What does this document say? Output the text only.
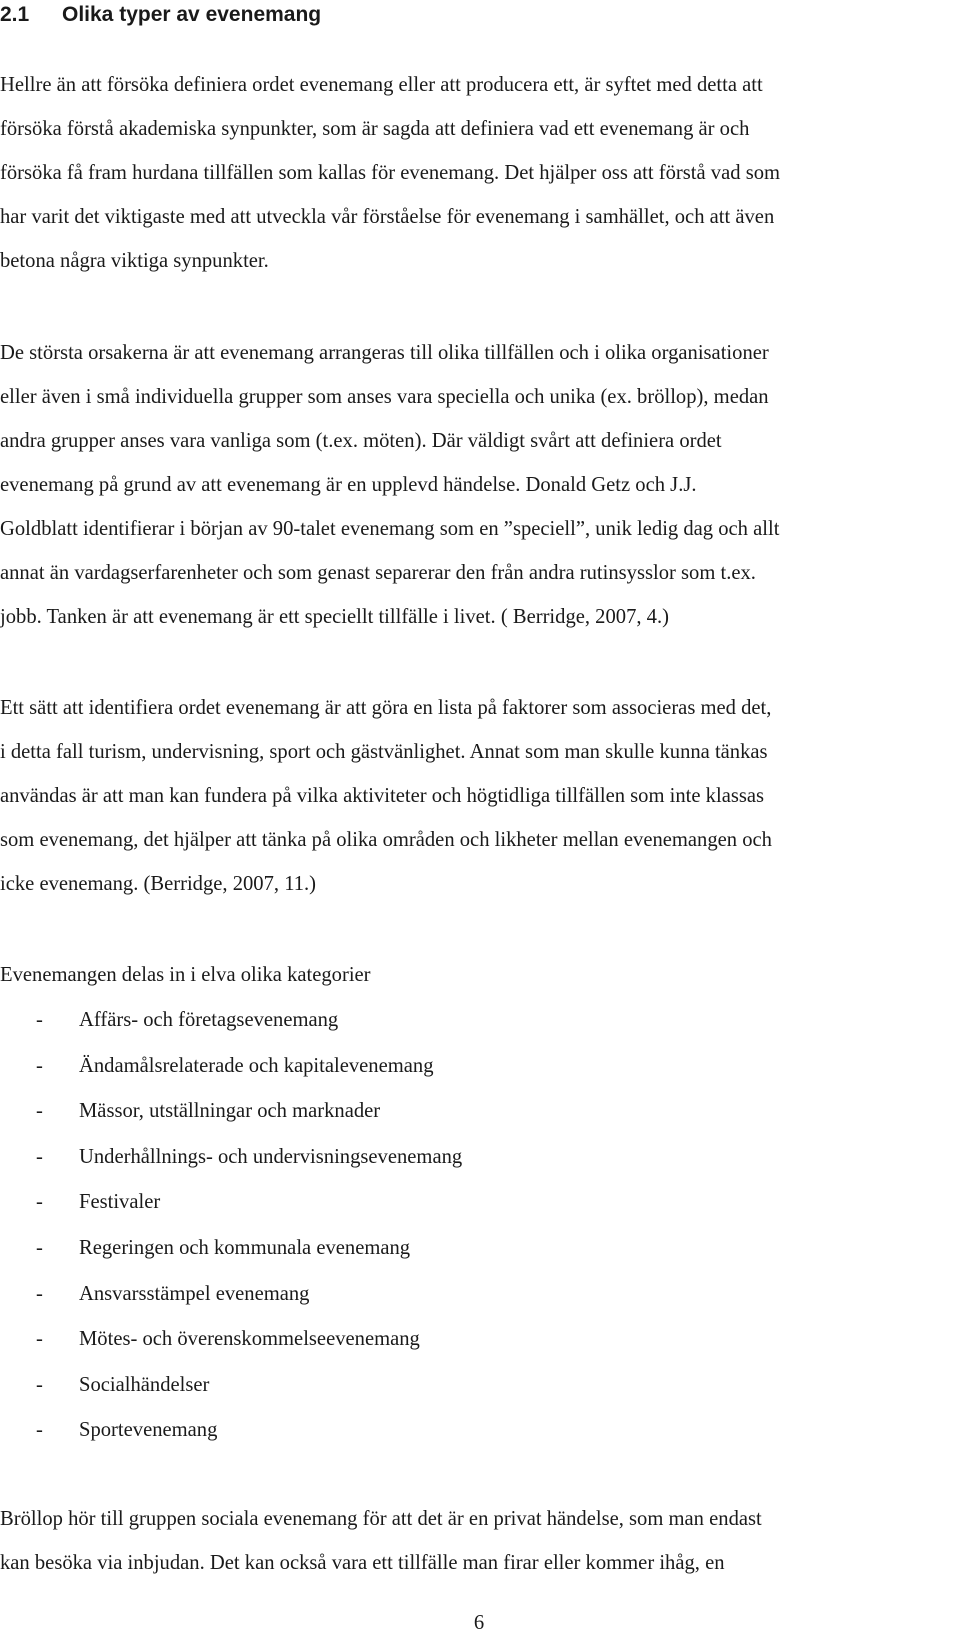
2.1 Olika typer av evenemang

Hellre än att försöka definiera ordet evenemang eller att producera ett, är syftet med detta att
försöka förstå akademiska synpunkter, som är sagda att definiera vad ett evenemang är och
försöka få fram hurdana tillfällen som kallas för evenemang. Det hjälper oss att förstå vad som
har varit det viktigaste med att utveckla vår förståelse för evenemang i samhället, och att även
betona några viktiga synpunkter.

De största orsakerna är att evenemang arrangeras till olika tillfällen och i olika organisationer
eller även i små individuella grupper som anses vara speciella och unika (ex. bröllop), medan
andra grupper anses vara vanliga som (t.ex. möten). Där väldigt svårt att definiera ordet
evenemang på grund av att evenemang är en upplevd händelse. Donald Getz och J.J.
Goldblatt identifierar i början av 90-talet evenemang som en ”speciell”, unik ledig dag och allt
annat än vardagserfarenheter och som genast separerar den från andra rutinsysslor som t.ex.
jobb. Tanken är att evenemang är ett speciellt tillfälle i livet. ( Berridge, 2007, 4.)

Ett sätt att identifiera ordet evenemang är att göra en lista på faktorer som associeras med det,
i detta fall turism, undervisning, sport och gästvänlighet. Annat som man skulle kunna tänkas
användas är att man kan fundera på vilka aktiviteter och högtidliga tillfällen som inte klassas
som evenemang, det hjälper att tänka på olika områden och likheter mellan evenemangen och
icke evenemang. (Berridge, 2007, 11.)

Evenemangen delas in i elva olika kategorier
- Affärs- och företagsevenemang
- Ändamålsrelaterade och kapitalevenemang
- Mässor, utställningar och marknader
- Underhållnings- och undervisningsevenemang
- Festivaler
- Regeringen och kommunala evenemang
- Ansvarsstämpel evenemang
- Mötes- och överenskommelseevenemang
- Socialhändelser
- Sportevenemang

Bröllop hör till gruppen sociala evenemang för att det är en privat händelse, som man endast
kan besöka via inbjudan. Det kan också vara ett tillfälle man firar eller kommer ihåg, en

6
